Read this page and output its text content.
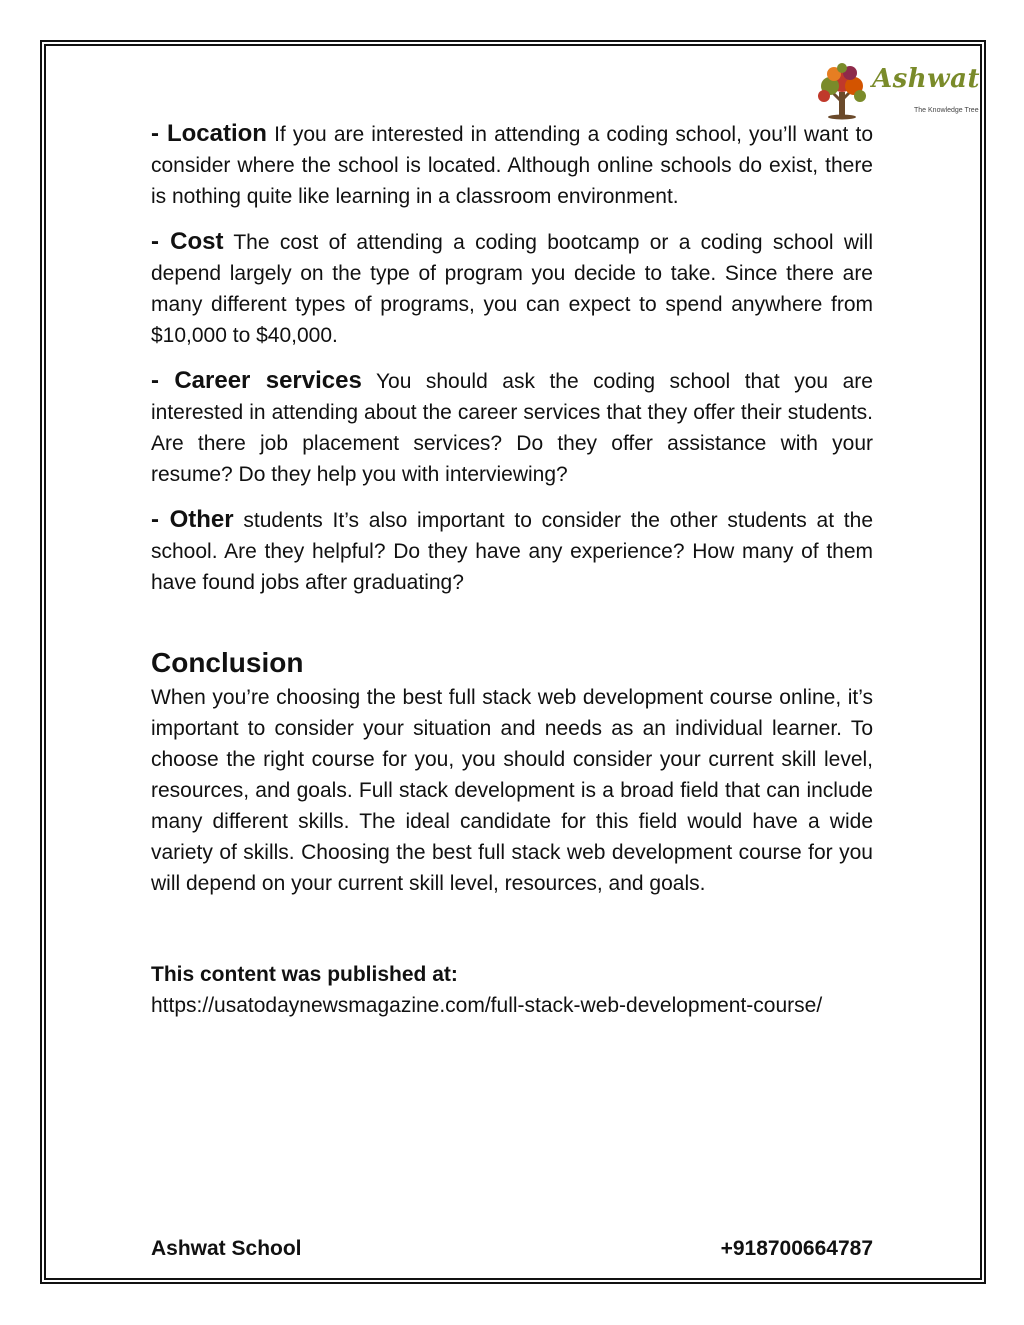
Ashwat
The Knowledge Tree

- Location If you are interested in attending a coding school, you’ll want to consider where the school is located. Although online schools do exist, there is nothing quite like learning in a classroom environment.

- Cost The cost of attending a coding bootcamp or a coding school will depend largely on the type of program you decide to take. Since there are many different types of programs, you can expect to spend anywhere from $10,000 to $40,000.

- Career services You should ask the coding school that you are interested in attending about the career services that they offer their students. Are there job placement services? Do they offer assistance with your resume? Do they help you with interviewing?

- Other students It’s also important to consider the other students at the school. Are they helpful? Do they have any experience? How many of them have found jobs after graduating?

Conclusion

When you’re choosing the best full stack web development course online, it’s important to consider your situation and needs as an individual learner. To choose the right course for you, you should consider your current skill level, resources, and goals. Full stack development is a broad field that can include many different skills. The ideal candidate for this field would have a wide variety of skills. Choosing the best full stack web development course for you will depend on your current skill level, resources, and goals.

This content was published at:
https://usatodaynewsmagazine.com/full-stack-web-development-course/
Ashwat School	+918700664787
